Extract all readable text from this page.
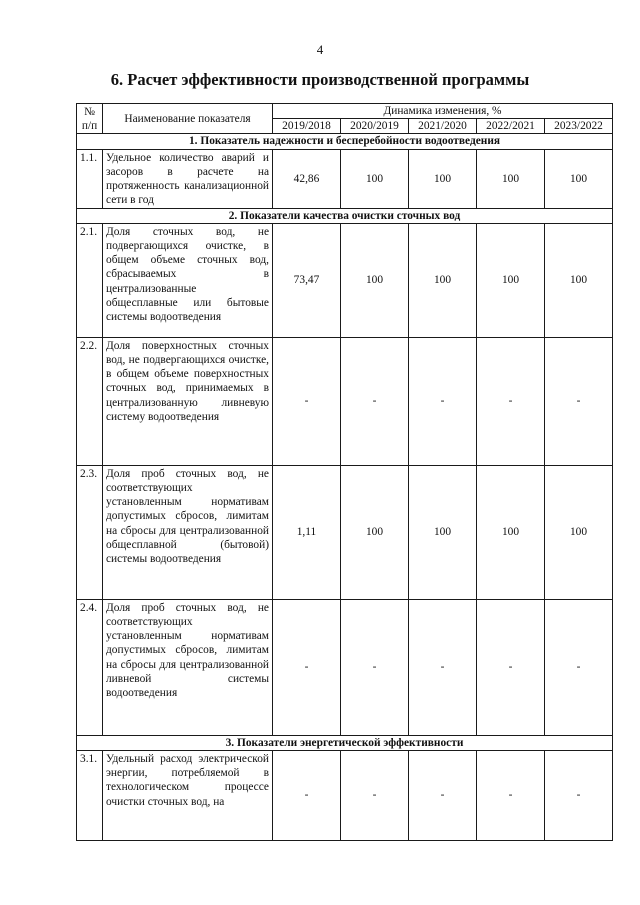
4
6. Расчет эффективности производственной программы
№ п/п	Наименование показателя	Динамика изменения, %				
		2019/2018	2020/2019	2021/2020	2022/2021	2023/2022
1. Показатель надежности и бесперебойности водоотведения						
1.1.	Удельное количество аварий и засоров в расчете на протяженность канализационной сети в год	42,86	100	100	100	100
2. Показатели качества очистки сточных вод						
2.1.	Доля сточных вод, не подвергающихся очистке, в общем объеме сточных вод, сбрасываемых в централизованные общесплавные или бытовые системы водоотведения	73,47	100	100	100	100
2.2.	Доля поверхностных сточных вод, не подвергающихся очистке, в общем объеме поверхностных сточных вод, принимаемых в централизованную ливневую систему водоотведения	-	-	-	-	-
2.3.	Доля проб сточных вод, не соответствующих установленным нормативам допустимых сбросов, лимитам на сбросы для централизованной общесплавной (бытовой) системы водоотведения	1,11	100	100	100	100
2.4.	Доля проб сточных вод, не соответствующих установленным нормативам допустимых сбросов, лимитам на сбросы для централизованной ливневой системы водоотведения	-	-	-	-	-
3. Показатели энергетической эффективности						
3.1.	Удельный расход электрической энергии, потребляемой в технологическом процессе очистки сточных вод, на	-	-	-	-	-
